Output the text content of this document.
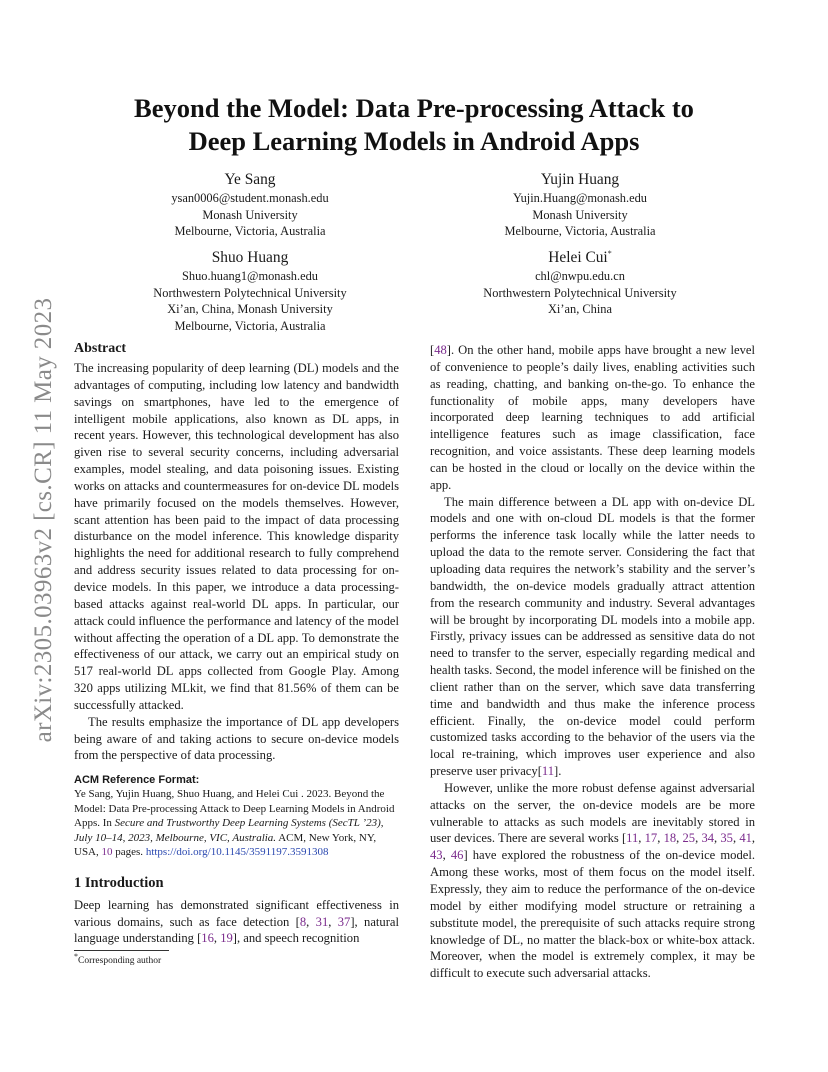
arXiv:2305.03963v2 [cs.CR] 11 May 2023
Beyond the Model: Data Pre-processing Attack to
Deep Learning Models in Android Apps
Ye Sang
ysan0006@student.monash.edu
Monash University
Melbourne, Victoria, Australia
Yujin Huang
Yujin.Huang@monash.edu
Monash University
Melbourne, Victoria, Australia
Shuo Huang
Shuo.huang1@monash.edu
Northwestern Polytechnical University
Xi’an, China, Monash University
Melbourne, Victoria, Australia
Helei Cui*
chl@nwpu.edu.cn
Northwestern Polytechnical University
Xi’an, China
Abstract

The increasing popularity of deep learning (DL) models and the advantages of computing, including low latency and bandwidth savings on smartphones, have led to the emergence of intelligent mobile applications, also known as DL apps, in recent years. However, this technological development has also given rise to several security concerns, including adversarial examples, model stealing, and data poisoning issues. Existing works on attacks and countermeasures for on-device DL models have primarily focused on the models themselves. However, scant attention has been paid to the impact of data processing disturbance on the model inference. This knowledge disparity highlights the need for additional research to fully comprehend and address security issues related to data processing for on-device models. In this paper, we introduce a data processing-based attacks against real-world DL apps. In particular, our attack could influence the performance and latency of the model without affecting the operation of a DL app. To demonstrate the effectiveness of our attack, we carry out an empirical study on 517 real-world DL apps collected from Google Play. Among 320 apps utilizing MLkit, we find that 81.56% of them can be successfully attacked.

The results emphasize the importance of DL app developers being aware of and taking actions to secure on-device models from the perspective of data processing.

ACM Reference Format:

Ye Sang, Yujin Huang, Shuo Huang, and Helei Cui . 2023. Beyond the Model: Data Pre-processing Attack to Deep Learning Models in Android Apps. In Secure and Trustworthy Deep Learning Systems (SecTL ’23), July 10–14, 2023, Melbourne, VIC, Australia. ACM, New York, NY, USA, 10 pages. https://doi.org/10.1145/3591197.3591308

1 Introduction

Deep learning has demonstrated significant effectiveness in various domains, such as face detection [8, 31, 37], natural language understanding [16, 19], and speech recognition

[48]. On the other hand, mobile apps have brought a new level of convenience to people’s daily lives, enabling activities such as reading, chatting, and banking on-the-go. To enhance the functionality of mobile apps, many developers have incorporated deep learning techniques to add artificial intelligence features such as image classification, face recognition, and voice assistants. These deep learning models can be hosted in the cloud or locally on the device within the app.

The main difference between a DL app with on-device DL models and one with on-cloud DL models is that the former performs the inference task locally while the latter needs to upload the data to the remote server. Considering the fact that uploading data requires the network’s stability and the server’s bandwidth, the on-device models gradually attract attention from the research community and industry. Several advantages will be brought by incorporating DL models into a mobile app. Firstly, privacy issues can be addressed as sensitive data do not need to transfer to the server, especially regarding medical and health tasks. Second, the model inference will be finished on the client rather than on the server, which save data transferring time and bandwidth and thus make the inference process efficient. Finally, the on-device model could perform customized tasks according to the behavior of the users via the local re-training, which improves user experience and also preserve user privacy[11].

However, unlike the more robust defense against adversarial attacks on the server, the on-device models are be more vulnerable to attacks as such models are inevitably stored in user devices. There are several works [11, 17, 18, 25, 34, 35, 41, 43, 46] have explored the robustness of the on-device model. Among these works, most of them focus on the model itself. Expressly, they aim to reduce the performance of the on-device model by either modifying model structure or retraining a substitute model, the prerequisite of such attacks require strong knowledge of DL, no matter the black-box or white-box attack. Moreover, when the model is extremely complex, it may be difficult to execute such adversarial attacks.

*Corresponding author
